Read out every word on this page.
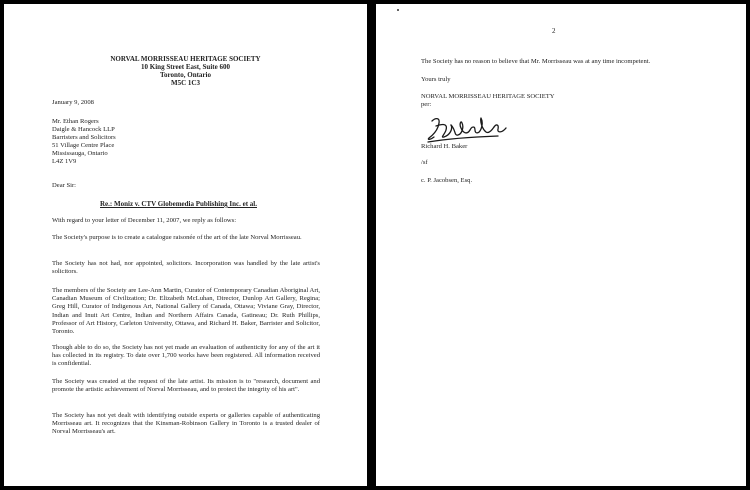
NORVAL MORRISSEAU HERITAGE SOCIETY
10 King Street East, Suite 600
Toronto, Ontario
M5C 1C3
January 9, 2008
Mr. Ethan Rogers
Daigle & Hancock LLP
Barristers and Solicitors
51 Village Centre Place
Mississauga, Ontario
L4Z 1V9
Dear Sir:
Re.: Moniz v. CTV Globemedia Publishing Inc. et al.
With regard to your letter of December 11, 2007, we reply as follows:
The Society's purpose is to create a catalogue raisonée of the art of the late Norval Morrisseau.
The Society has not had, nor appointed, solicitors. Incorporation was handled by the late artist's solicitors.
The members of the Society are Lee-Ann Martin, Curator of Contemporary Canadian Aboriginal Art, Canadian Museum of Civilization; Dr. Elizabeth McLuhan, Director, Dunlop Art Gallery, Regina; Greg Hill, Curator of Indigenous Art, National Gallery of Canada, Ottawa; Viviane Gray, Director, Indian and Inuit Art Centre, Indian and Northern Affairs Canada, Gatineau; Dr. Ruth Phillips, Professor of Art History, Carleton University, Ottawa, and Richard H. Baker, Barrister and Solicitor, Toronto.
Though able to do so, the Society has not yet made an evaluation of authenticity for any of the art it has collected in its registry. To date over 1,700 works have been registered. All information received is confidential.
The Society was created at the request of the late artist. Its mission is to "research, document and promote the artistic achievement of Norval Morrisseau, and to protect the integrity of his art".
The Society has not yet dealt with identifying outside experts or galleries capable of authenticating Morrisseau art. It recognizes that the Kinsman-Robinson Gallery in Toronto is a trusted dealer of Norval Morrisseau's art.
2
The Society has no reason to believe that Mr. Morrisseau was at any time incompetent.
Yours truly
NORVAL MORRISSEAU HERITAGE SOCIETY
per:
Richard H. Baker
/sf
c. P. Jacobsen, Esq.
